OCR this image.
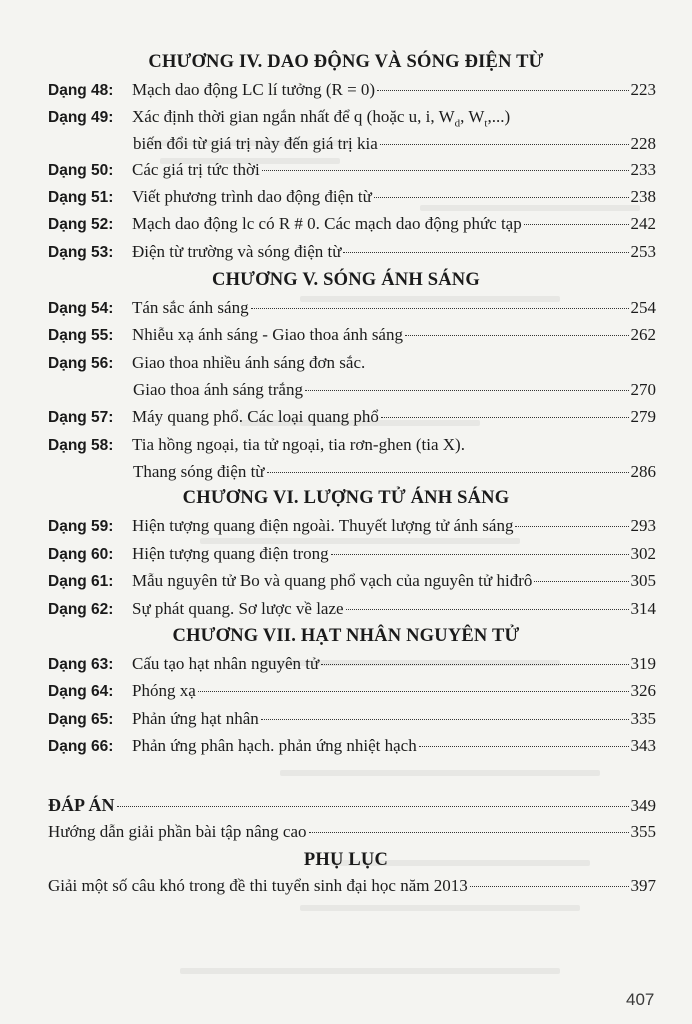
CHƯƠNG IV. DAO ĐỘNG VÀ SÓNG ĐIỆN TỪ
Dạng 48:	Mạch dao động LC lí tưởng (R = 0)	223
Dạng 49:	Xác định thời gian ngắn nhất để q (hoặc u, i, $W_d$, $W_t$,...)
biến đổi từ giá trị này đến giá trị kia	228
Dạng 50:	Các giá trị tức thời	233
Dạng 51:	Viết phương trình dao động điện từ	238
Dạng 52:	Mạch dao động lc có R # 0. Các mạch dao động phức tạp	242
Dạng 53:	Điện từ trường và sóng điện từ	253
CHƯƠNG V. SÓNG ÁNH SÁNG
Dạng 54:	Tán sắc ánh sáng	254
Dạng 55:	Nhiễu xạ ánh sáng - Giao thoa ánh sáng	262
Dạng 56:	Giao thoa nhiều ánh sáng đơn sắc.
Giao thoa ánh sáng trắng	270
Dạng 57:	Máy quang phổ. Các loại quang phổ	279
Dạng 58:	Tia hồng ngoại, tia tử ngoại, tia rơn-ghen (tia X).
Thang sóng điện từ	286
CHƯƠNG VI. LƯỢNG TỬ ÁNH SÁNG
Dạng 59:	Hiện tượng quang điện ngoài. Thuyết lượng tử ánh sáng	293
Dạng 60:	Hiện tượng quang điện trong	302
Dạng 61:	Mẫu nguyên tử Bo và quang phổ vạch của nguyên tử hiđrô	305
Dạng 62:	Sự phát quang. Sơ lược về laze	314
CHƯƠNG VII. HẠT NHÂN NGUYÊN TỬ
Dạng 63:	Cấu tạo hạt nhân nguyên tử	319
Dạng 64:	Phóng xạ	326
Dạng 65:	Phản ứng hạt nhân	335
Dạng 66:	Phản ứng phân hạch. phản ứng nhiệt hạch	343
ĐÁP ÁN	349
Hướng dẫn giải phần bài tập nâng cao	355
PHỤ LỤC
Giải một số câu khó trong đề thi tuyển sinh đại học năm 2013	397
407
